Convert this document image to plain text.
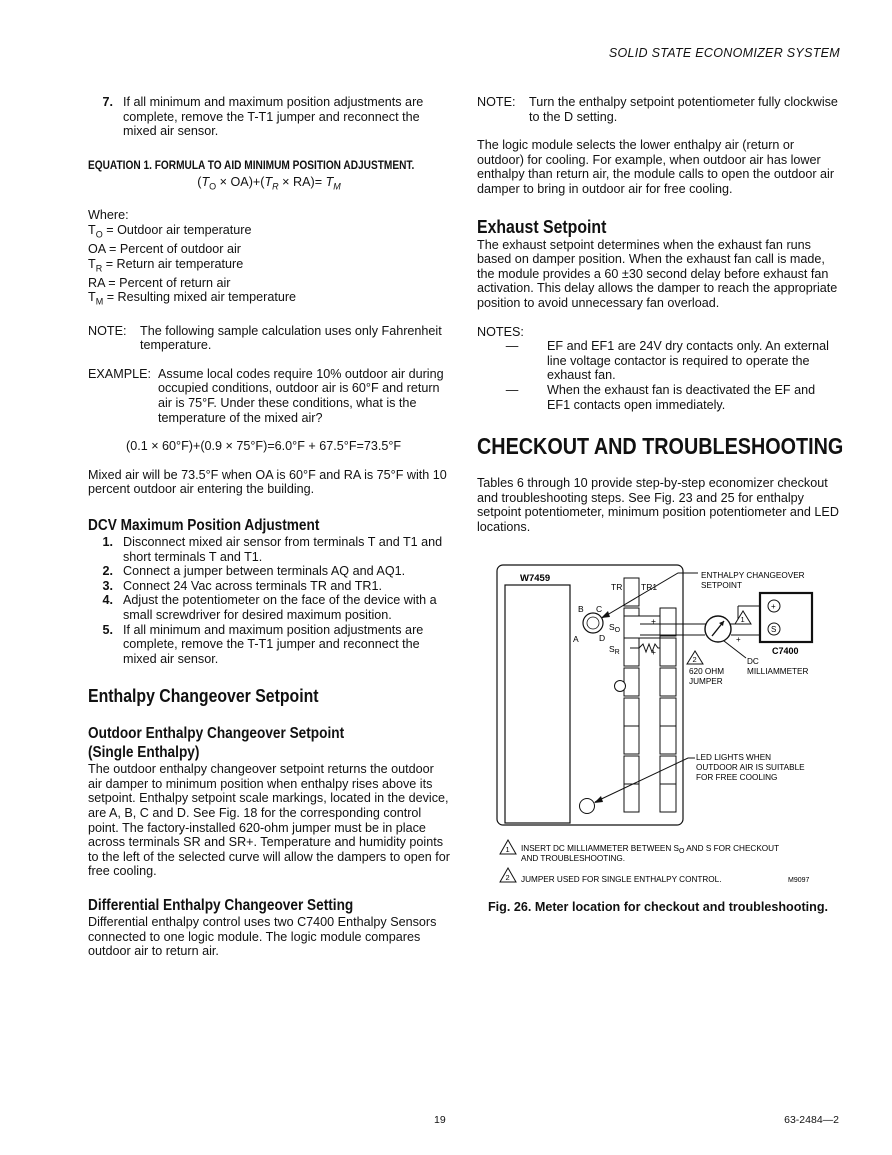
SOLID STATE ECONOMIZER SYSTEM
7. If all minimum and maximum position adjustments are complete, remove the T-T1 jumper and reconnect the mixed air sensor.
EQUATION 1. FORMULA TO AID MINIMUM POSITION ADJUSTMENT.
$(T_O \times OA)+(T_R \times RA)= T_M$

Where:

$T_O$ = Outdoor air temperature
OA = Percent of outdoor air
$T_R$ = Return air temperature
RA = Percent of return air
$T_M$ = Resulting mixed air temperature
NOTE:	The following sample calculation uses only Fahrenheit temperature.
EXAMPLE: Assume local codes require 10% outdoor air during occupied conditions, outdoor air is 60°F and return air is 75°F. Under these conditions, what is the temperature of the mixed air?

(0.1 × 60°F)+(0.9 × 75°F)=6.0°F + 67.5°F=73.5°F

Mixed air will be 73.5°F when OA is 60°F and RA is 75°F with 10 percent outdoor air entering the building.

DCV Maximum Position Adjustment
1. Disconnect mixed air sensor from terminals T and T1 and short terminals T and T1.
2. Connect a jumper between terminals AQ and AQ1.
3. Connect 24 Vac across terminals TR and TR1.
4. Adjust the potentiometer on the face of the device with a small screwdriver for desired maximum position.
5. If all minimum and maximum position adjustments are complete, remove the T-T1 jumper and reconnect the mixed air sensor.
Enthalpy Changeover Setpoint
Outdoor Enthalpy Changeover Setpoint
(Single Enthalpy)

The outdoor enthalpy changeover setpoint returns the outdoor air damper to minimum position when enthalpy rises above its setpoint. Enthalpy setpoint scale markings, located in the device, are A, B, C and D. See Fig. 18 for the corresponding control point. The factory-installed 620-ohm jumper must be in place across terminals SR and SR+. Temperature and humidity points to the left of the selected curve will allow the dampers to open for free cooling.

Differential Enthalpy Changeover Setting

Differential enthalpy control uses two C7400 Enthalpy Sensors connected to one logic module. The logic module compares outdoor air to return air.

NOTE:	Turn the enthalpy setpoint potentiometer fully clockwise to the D setting.

The logic module selects the lower enthalpy air (return or outdoor) for cooling. For example, when outdoor air has lower enthalpy than return air, the module calls to open the outdoor air damper to bring in outdoor air for free cooling.

Exhaust Setpoint

The exhaust setpoint determines when the exhaust fan runs based on damper position. When the exhaust fan call is made, the module provides a 60 ±30 second delay before exhaust fan activation. This delay allows the damper to reach the appropriate position to avoid unnecessary fan overload.

NOTES:

—	EF and EF1 are 24V dry contacts only. An external line voltage contactor is required to operate the exhaust fan.
—	When the exhaust fan is deactivated the EF and EF1 contacts open immediately.
CHECKOUT AND TROUBLESHOOTING

Tables 6 through 10 provide step-by-step economizer checkout and troubleshooting steps. See Fig. 23 and 25 for enthalpy setpoint potentiometer, minimum position potentiometer and LED locations.

W7459
TR TR1
B C
A D
$S_O$
$S_R$
+
+
+
+
S
C7400
1
2
ENTHALPY CHANGEOVER
SETPOINT
DC
MILLIAMMETER
620 OHM
JUMPER
LED LIGHTS WHEN
OUTDOOR AIR IS SUITABLE
FOR FREE COOLING
1 INSERT DC MILLIAMMETER BETWEEN SO AND S FOR CHECKOUT
AND TROUBLESHOOTING.
2 JUMPER USED FOR SINGLE ENTHALPY CONTROL.	M9097
Fig. 26. Meter location for checkout and troubleshooting.
19	63-2484—2
